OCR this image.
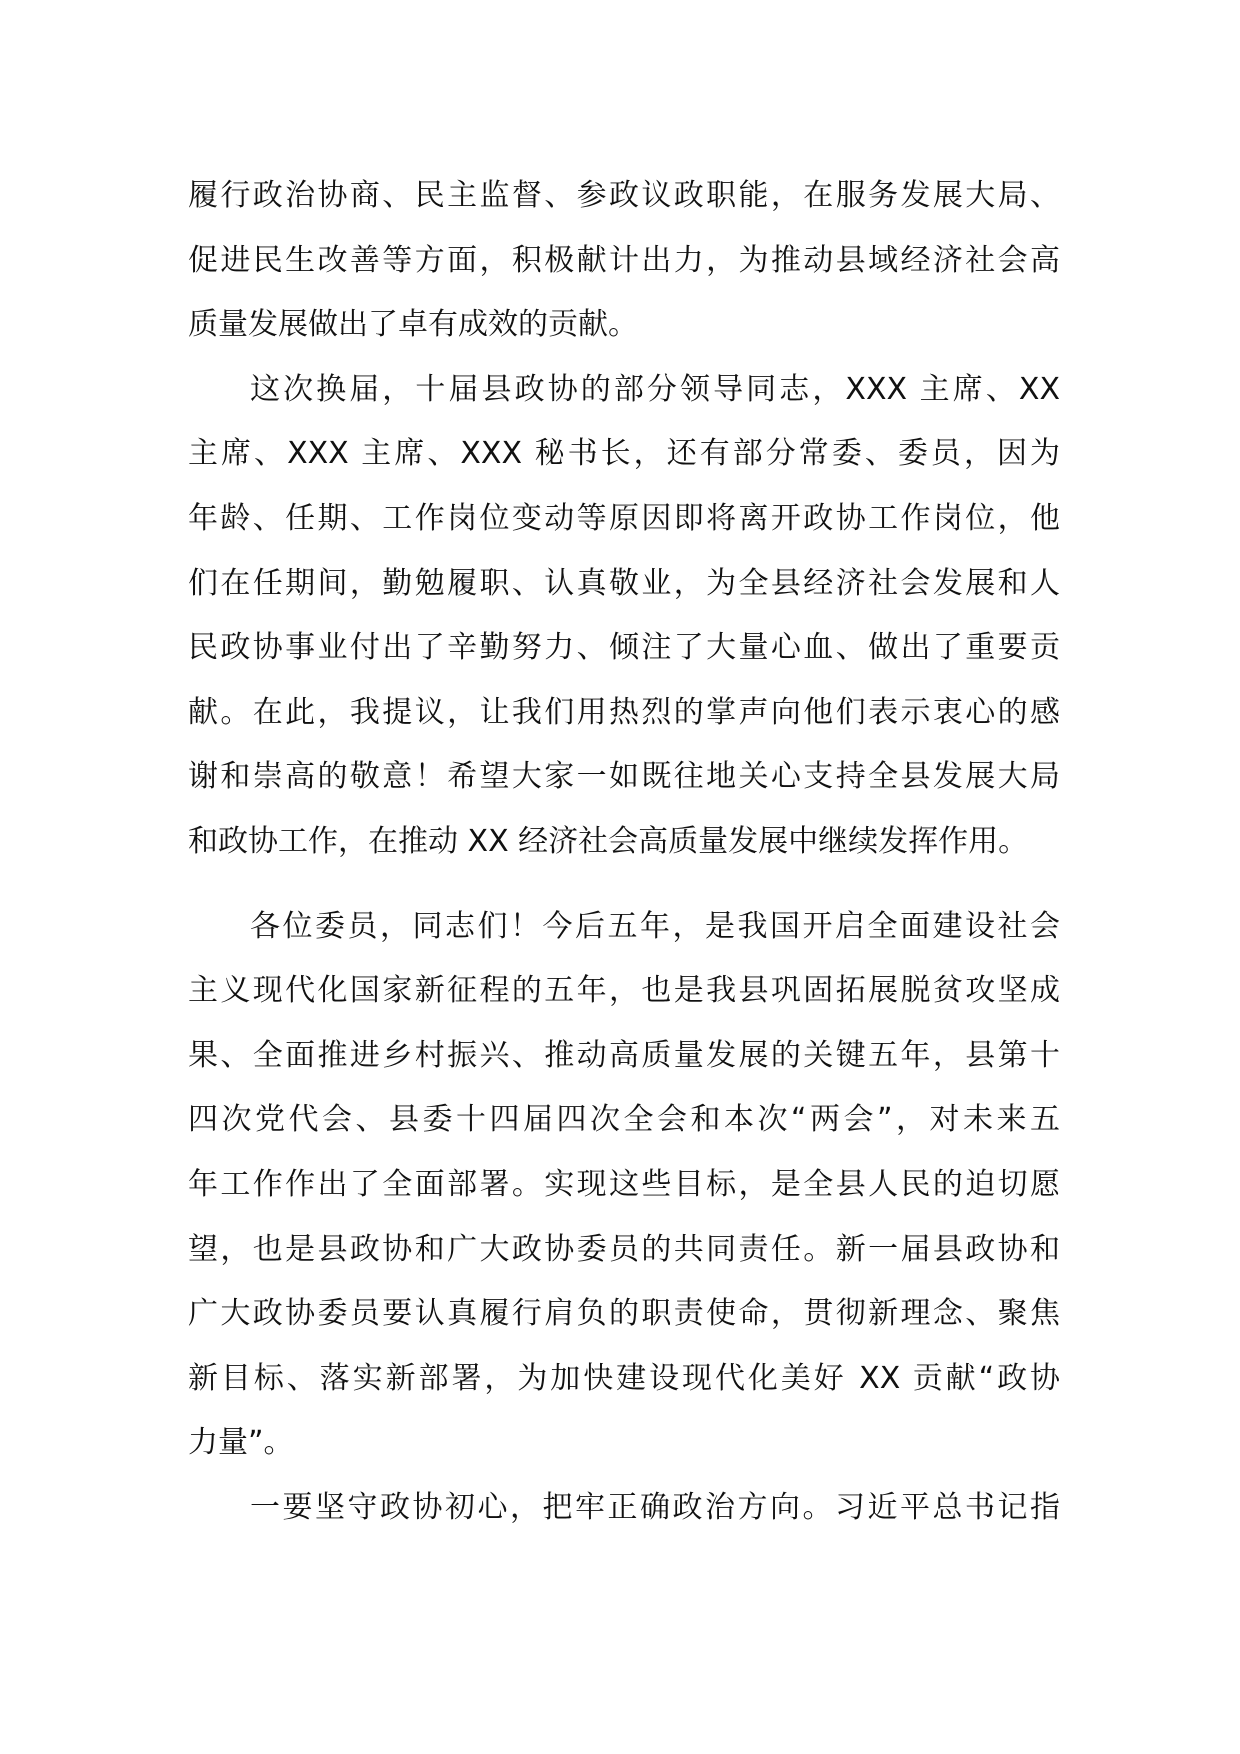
履行政治协商、民主监督、参政议政职能，在服务发展大局、
促进民生改善等方面，积极献计出力，为推动县域经济社会高
质量发展做出了卓有成效的贡献。
这次换届，十届县政协的部分领导同志，XXX 主席、XX
主席、XXX 主席、XXX 秘书长，还有部分常委、委员，因为
年龄、任期、工作岗位变动等原因即将离开政协工作岗位，他
们在任期间，勤勉履职、认真敬业，为全县经济社会发展和人
民政协事业付出了辛勤努力、倾注了大量心血、做出了重要贡
献。在此，我提议，让我们用热烈的掌声向他们表示衷心的感
谢和崇高的敬意！希望大家一如既往地关心支持全县发展大局
和政协工作，在推动 XX 经济社会高质量发展中继续发挥作用。
各位委员，同志们！今后五年，是我国开启全面建设社会
主义现代化国家新征程的五年，也是我县巩固拓展脱贫攻坚成
果、全面推进乡村振兴、推动高质量发展的关键五年，县第十
四次党代会、县委十四届四次全会和本次“两会”，对未来五
年工作作出了全面部署。实现这些目标，是全县人民的迫切愿
望，也是县政协和广大政协委员的共同责任。新一届县政协和
广大政协委员要认真履行肩负的职责使命，贯彻新理念、聚焦
新目标、落实新部署，为加快建设现代化美好 XX 贡献“政协
力量”。
一要坚守政协初心，把牢正确政治方向。习近平总书记指
